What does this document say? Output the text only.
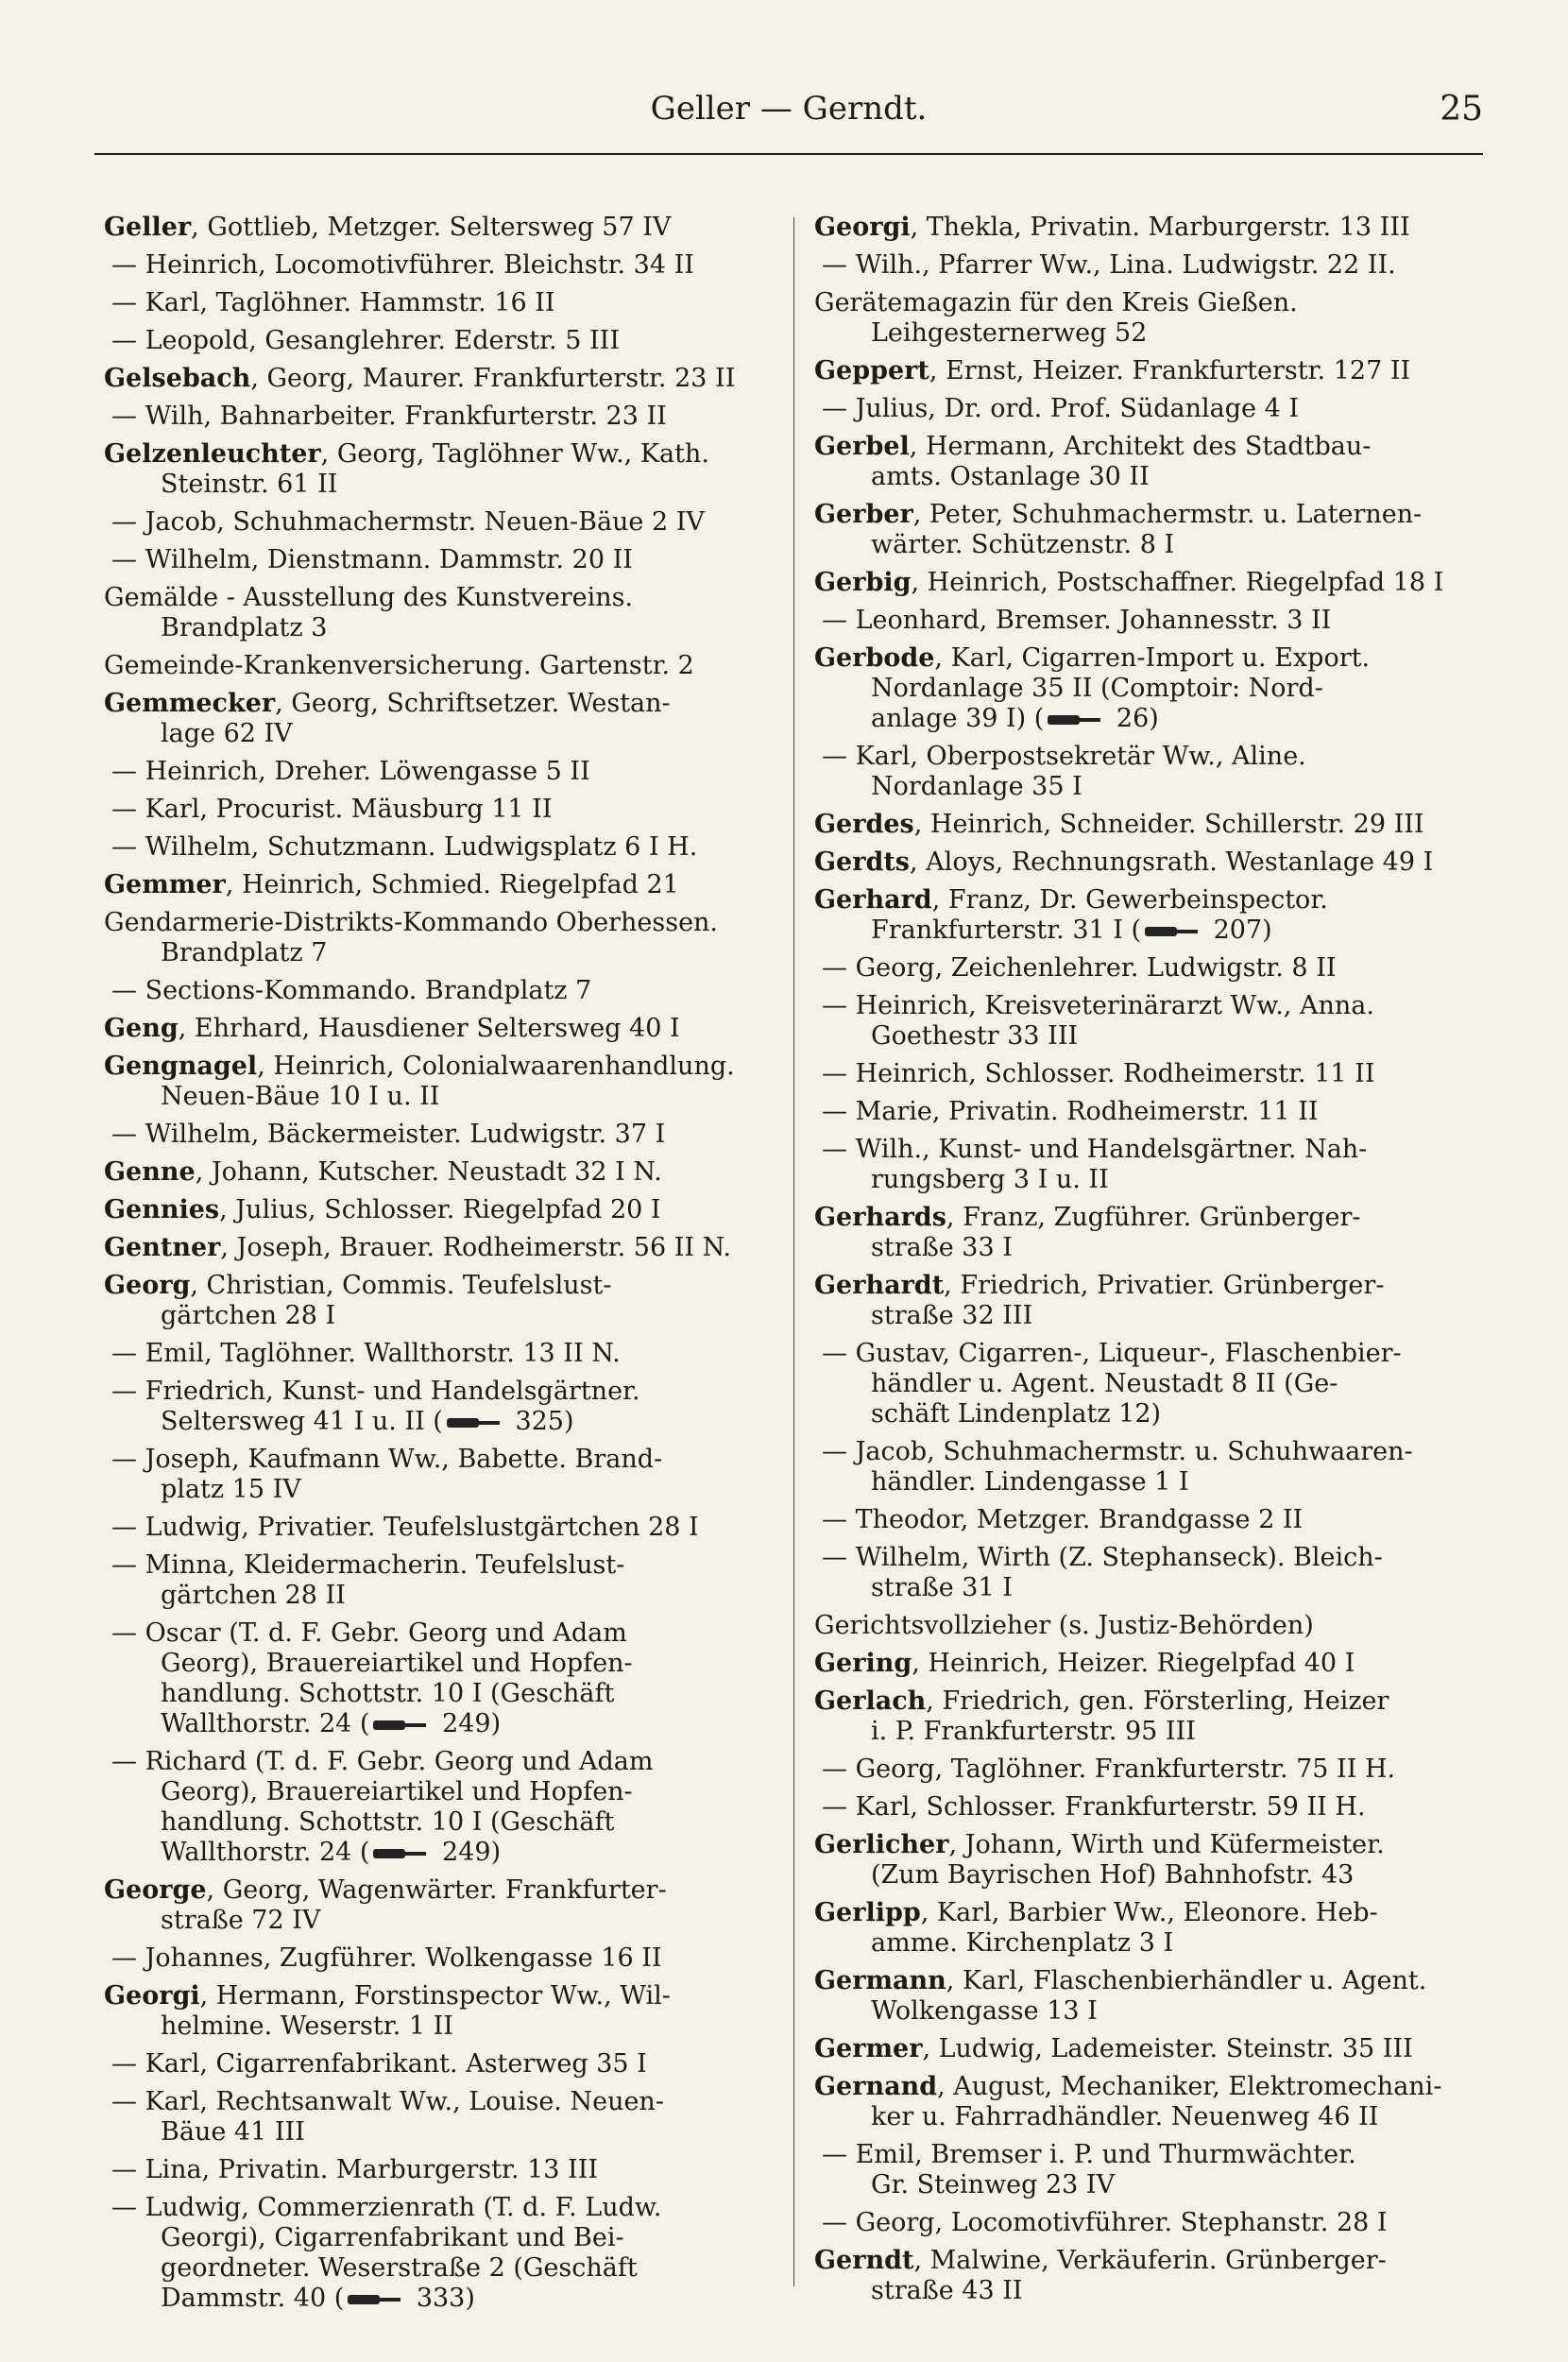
Geller — Gerndt.	25
Geller, Gottlieb, Metzger. Seltersweg 57 IV
— Heinrich, Locomotivführer. Bleichstr. 34 II
— Karl, Taglöhner. Hammstr. 16 II
— Leopold, Gesanglehrer. Ederstr. 5 III
Gelsebach, Georg, Maurer. Frankfurterstr. 23 II
— Wilh, Bahnarbeiter. Frankfurterstr. 23 II
Gelzenleuchter, Georg, Taglöhner Ww., Kath.
Steinstr. 61 II
— Jacob, Schuhmachermstr. Neuen-Bäue 2 IV
— Wilhelm, Dienstmann. Dammstr. 20 II
Gemälde - Ausstellung des Kunstvereins.
Brandplatz 3
Gemeinde-Krankenversicherung. Gartenstr. 2
Gemmecker, Georg, Schriftsetzer. Westan-
lage 62 IV
— Heinrich, Dreher. Löwengasse 5 II
— Karl, Procurist. Mäusburg 11 II
— Wilhelm, Schutzmann. Ludwigsplatz 6 I H.
Gemmer, Heinrich, Schmied. Riegelpfad 21
Gendarmerie-Distrikts-Kommando Oberhessen.
Brandplatz 7
— Sections-Kommando. Brandplatz 7
Geng, Ehrhard, Hausdiener Seltersweg 40 I
Gengnagel, Heinrich, Colonialwaarenhandlung.
Neuen-Bäue 10 I u. II
— Wilhelm, Bäckermeister. Ludwigstr. 37 I
Genne, Johann, Kutscher. Neustadt 32 I N.
Gennies, Julius, Schlosser. Riegelpfad 20 I
Gentner, Joseph, Brauer. Rodheimerstr. 56 II N.
Georg, Christian, Commis. Teufelslust-
gärtchen 28 I
— Emil, Taglöhner. Wallthorstr. 13 II N.
— Friedrich, Kunst- und Handelsgärtner.
Seltersweg 41 I u. II (	325)
— Joseph, Kaufmann Ww., Babette. Brand-
platz 15 IV
— Ludwig, Privatier. Teufelslustgärtchen 28 I
— Minna, Kleidermacherin. Teufelslust-
gärtchen 28 II
— Oscar (T. d. F. Gebr. Georg und Adam
Georg), Brauereiartikel und Hopfen-
handlung. Schottstr. 10 I (Geschäft
Wallthorstr. 24 (	249)
— Richard (T. d. F. Gebr. Georg und Adam
Georg), Brauereiartikel und Hopfen-
handlung. Schottstr. 10 I (Geschäft
Wallthorstr. 24 (	249)
George, Georg, Wagenwärter. Frankfurter-
straße 72 IV
— Johannes, Zugführer. Wolkengasse 16 II
Georgi, Hermann, Forstinspector Ww., Wil-
helmine. Weserstr. 1 II
— Karl, Cigarrenfabrikant. Asterweg 35 I
— Karl, Rechtsanwalt Ww., Louise. Neuen-
Bäue 41 III
— Lina, Privatin. Marburgerstr. 13 III
— Ludwig, Commerzienrath (T. d. F. Ludw.
Georgi), Cigarrenfabrikant und Bei-
geordneter. Weserstraße 2 (Geschäft
Dammstr. 40 (	333)
Georgi, Thekla, Privatin. Marburgerstr. 13 III
— Wilh., Pfarrer Ww., Lina. Ludwigstr. 22 II.
Gerätemagazin für den Kreis Gießen.
Leihgesternerweg 52
Geppert, Ernst, Heizer. Frankfurterstr. 127 II
— Julius, Dr. ord. Prof. Südanlage 4 I
Gerbel, Hermann, Architekt des Stadtbau-
amts. Ostanlage 30 II
Gerber, Peter, Schuhmachermstr. u. Laternen-
wärter. Schützenstr. 8 I
Gerbig, Heinrich, Postschaffner. Riegelpfad 18 I
— Leonhard, Bremser. Johannesstr. 3 II
Gerbode, Karl, Cigarren-Import u. Export.
Nordanlage 35 II (Comptoir: Nord-
anlage 39 I) (	26)
— Karl, Oberpostsekretär Ww., Aline.
Nordanlage 35 I
Gerdes, Heinrich, Schneider. Schillerstr. 29 III
Gerdts, Aloys, Rechnungsrath. Westanlage 49 I
Gerhard, Franz, Dr. Gewerbeinspector.
Frankfurterstr. 31 I (	207)
— Georg, Zeichenlehrer. Ludwigstr. 8 II
— Heinrich, Kreisveterinärarzt Ww., Anna.
Goethestr 33 III
— Heinrich, Schlosser. Rodheimerstr. 11 II
— Marie, Privatin. Rodheimerstr. 11 II
— Wilh., Kunst- und Handelsgärtner. Nah-
rungsberg 3 I u. II
Gerhards, Franz, Zugführer. Grünberger-
straße 33 I
Gerhardt, Friedrich, Privatier. Grünberger-
straße 32 III
— Gustav, Cigarren-, Liqueur-, Flaschenbier-
händler u. Agent. Neustadt 8 II (Ge-
schäft Lindenplatz 12)
— Jacob, Schuhmachermstr. u. Schuhwaaren-
händler. Lindengasse 1 I
— Theodor, Metzger. Brandgasse 2 II
— Wilhelm, Wirth (Z. Stephanseck). Bleich-
straße 31 I
Gerichtsvollzieher (s. Justiz-Behörden)
Gering, Heinrich, Heizer. Riegelpfad 40 I
Gerlach, Friedrich, gen. Försterling, Heizer
i. P. Frankfurterstr. 95 III
— Georg, Taglöhner. Frankfurterstr. 75 II H.
— Karl, Schlosser. Frankfurterstr. 59 II H.
Gerlicher, Johann, Wirth und Küfermeister.
(Zum Bayrischen Hof) Bahnhofstr. 43
Gerlipp, Karl, Barbier Ww., Eleonore. Heb-
amme. Kirchenplatz 3 I
Germann, Karl, Flaschenbierhändler u. Agent.
Wolkengasse 13 I
Germer, Ludwig, Lademeister. Steinstr. 35 III
Gernand, August, Mechaniker, Elektromechani-
ker u. Fahrradhändler. Neuenweg 46 II
— Emil, Bremser i. P. und Thurmwächter.
Gr. Steinweg 23 IV
— Georg, Locomotivführer. Stephanstr. 28 I
Gerndt, Malwine, Verkäuferin. Grünberger-
straße 43 II
